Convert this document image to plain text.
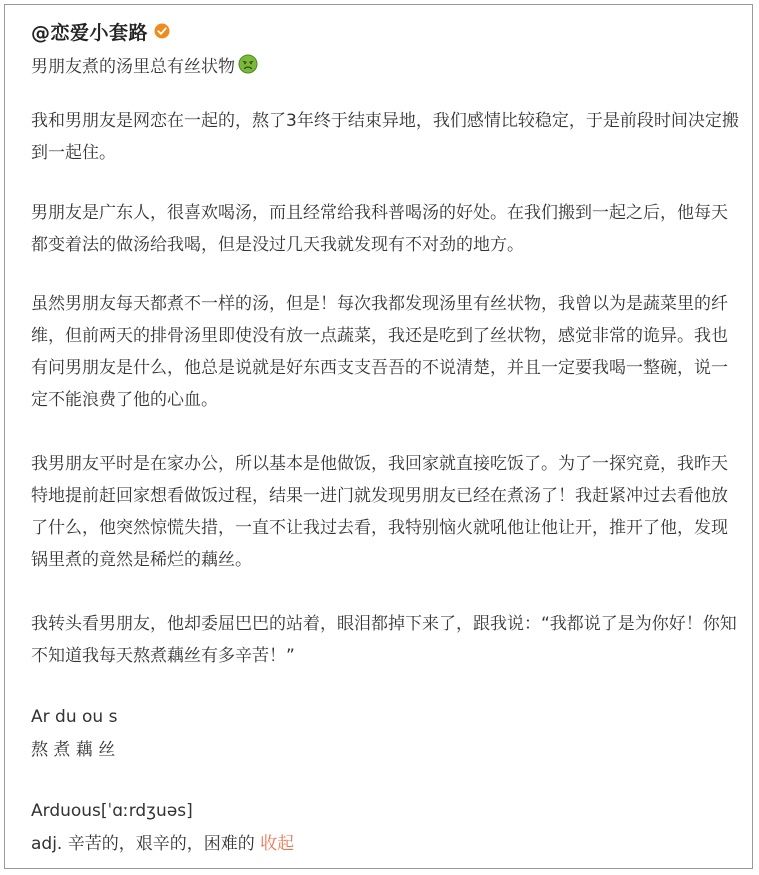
@恋爱小套路
男朋友煮的汤里总有丝状物

我和男朋友是网恋在一起的，熬了3年终于结束异地，我们感情比较稳定，于是前段时间决定搬到一起住。

男朋友是广东人，很喜欢喝汤，而且经常给我科普喝汤的好处。在我们搬到一起之后，他每天都变着法的做汤给我喝，但是没过几天我就发现有不对劲的地方。

虽然男朋友每天都煮不一样的汤，但是！每次我都发现汤里有丝状物，我曾以为是蔬菜里的纤维，但前两天的排骨汤里即使没有放一点蔬菜，我还是吃到了丝状物，感觉非常的诡异。我也有问男朋友是什么，他总是说就是好东西支支吾吾的不说清楚，并且一定要我喝一整碗，说一定不能浪费了他的心血。

我男朋友平时是在家办公，所以基本是他做饭，我回家就直接吃饭了。为了一探究竟，我昨天特地提前赶回家想看做饭过程，结果一进门就发现男朋友已经在煮汤了！我赶紧冲过去看他放了什么，他突然惊慌失措，一直不让我过去看，我特别恼火就吼他让他让开，推开了他，发现锅里煮的竟然是稀烂的藕丝。

我转头看男朋友，他却委屈巴巴的站着，眼泪都掉下来了，跟我说：“我都说了是为你好！你知不知道我每天熬煮藕丝有多辛苦！”

Ar du ou s
熬 煮 藕 丝
Arduous[ˈɑːrdʒuəs]
adj. 辛苦的，艰辛的，困难的 收起
